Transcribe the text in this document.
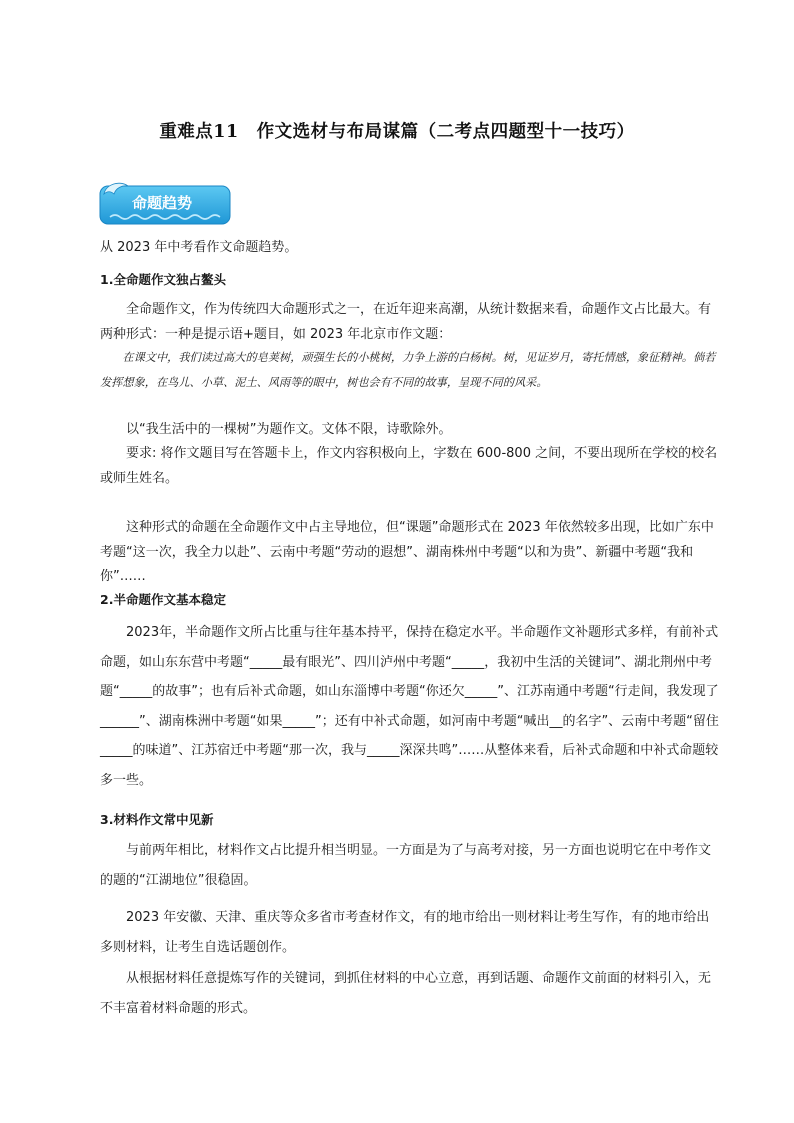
重难点11　作文选材与布局谋篇（二考点四题型十一技巧）
命题趋势

从 2023 年中考看作文命题趋势。

1.全命题作文独占鳌头

全命题作文，作为传统四大命题形式之一，在近年迎来高潮，从统计数据来看，命题作文占比最大。有两种形式：一种是提示语+题目，如 2023 年北京市作文题：

在课文中，我们读过高大的皂荚树，顽强生长的小桃树，力争上游的白杨树。树，见证岁月，寄托情感，象征精神。倘若发挥想象，在鸟儿、小草、泥土、风雨等的眼中，树也会有不同的故事，呈现不同的风采。

以“我生活中的一棵树”为题作文。文体不限，诗歌除外。

要求: 将作文题目写在答题卡上，作文内容积极向上，字数在 600-800 之间，不要出现所在学校的校名或师生姓名。

这种形式的命题在全命题作文中占主导地位，但“课题”命题形式在 2023 年依然较多出现，比如广东中考题“这一次，我全力以赴”、云南中考题“劳动的遐想”、湖南株州中考题“以和为贵”、新疆中考题“我和你”……

2.半命题作文基本稳定

2023年，半命题作文所占比重与往年基本持平，保持在稳定水平。半命题作文补题形式多样，有前补式命题，如山东东营中考题“_____最有眼光”、四川泸州中考题“_____，我初中生活的关键词”、湖北荆州中考题“_____的故事”；也有后补式命题，如山东淄博中考题“你还欠_____”、江苏南通中考题“行走间，我发现了______”、湖南株洲中考题“如果_____”；还有中补式命题，如河南中考题“喊出__的名字”、云南中考题“留住_____的味道”、江苏宿迁中考题“那一次，我与_____深深共鸣”……从整体来看，后补式命题和中补式命题较多一些。

3.材料作文常中见新

与前两年相比，材料作文占比提升相当明显。一方面是为了与高考对接，另一方面也说明它在中考作文的题的“江湖地位”很稳固。

2023 年安徽、天津、重庆等众多省市考查材作文，有的地市给出一则材料让考生写作，有的地市给出多则材料，让考生自选话题创作。

从根据材料任意提炼写作的关键词，到抓住材料的中心立意，再到话题、命题作文前面的材料引入，无不丰富着材料命题的形式。
